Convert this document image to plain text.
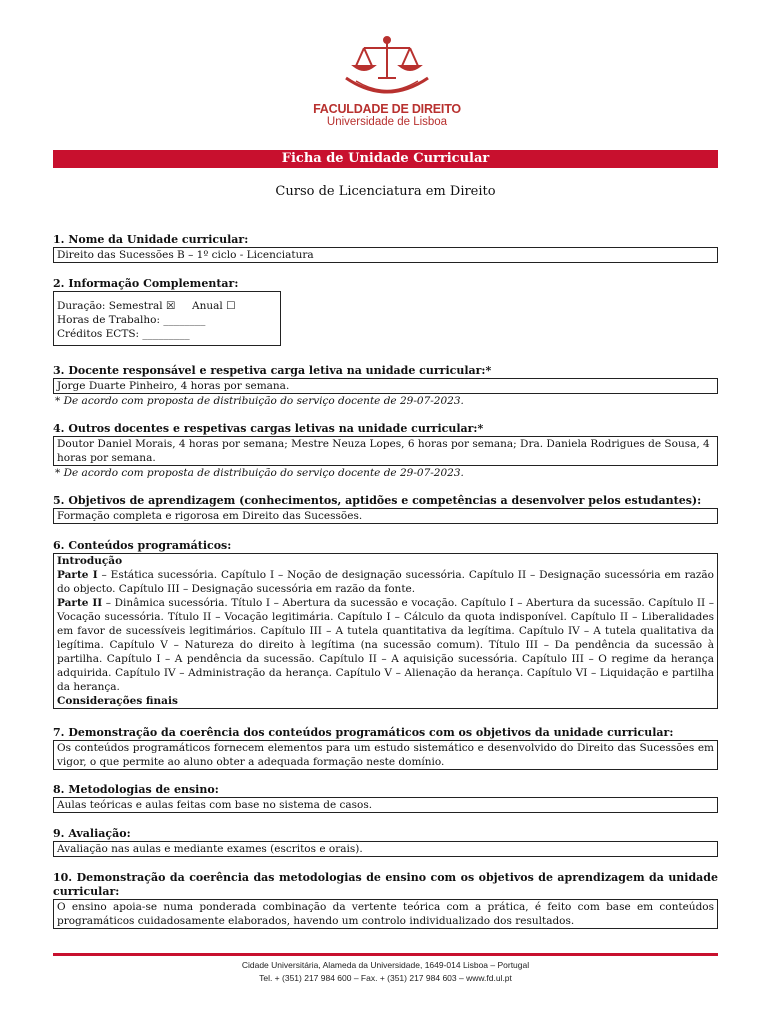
FACULDADE DE DIREITO
Universidade de Lisboa
Ficha de Unidade Curricular
Curso de Licenciatura em Direito
1. Nome da Unidade curricular:
Direito das Sucessões B – 1º ciclo - Licenciatura
2. Informação Complementar:
Duração: Semestral ☒     Anual ☐
Horas de Trabalho: ________
Créditos ECTS: _________
3. Docente responsável e respetiva carga letiva na unidade curricular:*
Jorge Duarte Pinheiro, 4 horas por semana.
* De acordo com proposta de distribuição do serviço docente de 29-07-2023.
4. Outros docentes e respetivas cargas letivas na unidade curricular:*
Doutor Daniel Morais, 4 horas por semana; Mestre Neuza Lopes, 6 horas por semana; Dra. Daniela Rodrigues de Sousa, 4 horas por semana.
* De acordo com proposta de distribuição do serviço docente de 29-07-2023.
5. Objetivos de aprendizagem (conhecimentos, aptidões e competências a desenvolver pelos estudantes):
Formação completa e rigorosa em Direito das Sucessões.
6. Conteúdos programáticos:
Introdução
Parte I – Estática sucessória. Capítulo I – Noção de designação sucessória. Capítulo II – Designação sucessória em razão do objecto. Capítulo III – Designação sucessória em razão da fonte.
Parte II – Dinâmica sucessória. Título I – Abertura da sucessão e vocação. Capítulo I – Abertura da sucessão. Capítulo II – Vocação sucessória. Título II – Vocação legitimária. Capítulo I – Cálculo da quota indisponível. Capítulo II – Liberalidades em favor de sucessíveis legitimários. Capítulo III – A tutela quantitativa da legítima. Capítulo IV – A tutela qualitativa da legítima. Capítulo V – Natureza do direito à legítima (na sucessão comum). Título III – Da pendência da sucessão à partilha. Capítulo I – A pendência da sucessão. Capítulo II – A aquisição sucessória. Capítulo III – O regime da herança adquirida. Capítulo IV – Administração da herança. Capítulo V – Alienação da herança. Capítulo VI – Liquidação e partilha da herança.
Considerações finais
7. Demonstração da coerência dos conteúdos programáticos com os objetivos da unidade curricular:
Os conteúdos programáticos fornecem elementos para um estudo sistemático e desenvolvido do Direito das Sucessões em vigor, o que permite ao aluno obter a adequada formação neste domínio.
8. Metodologias de ensino:
Aulas teóricas e aulas feitas com base no sistema de casos.
9. Avaliação:
Avaliação nas aulas e mediante exames (escritos e orais).
10. Demonstração da coerência das metodologias de ensino com os objetivos de aprendizagem da unidade curricular:
O ensino apoia-se numa ponderada combinação da vertente teórica com a prática, é feito com base em conteúdos programáticos cuidadosamente elaborados, havendo um controlo individualizado dos resultados.
Cidade Universitária, Alameda da Universidade, 1649-014 Lisboa – Portugal
Tel. + (351) 217 984 600 – Fax. + (351) 217 984 603 – www.fd.ul.pt
